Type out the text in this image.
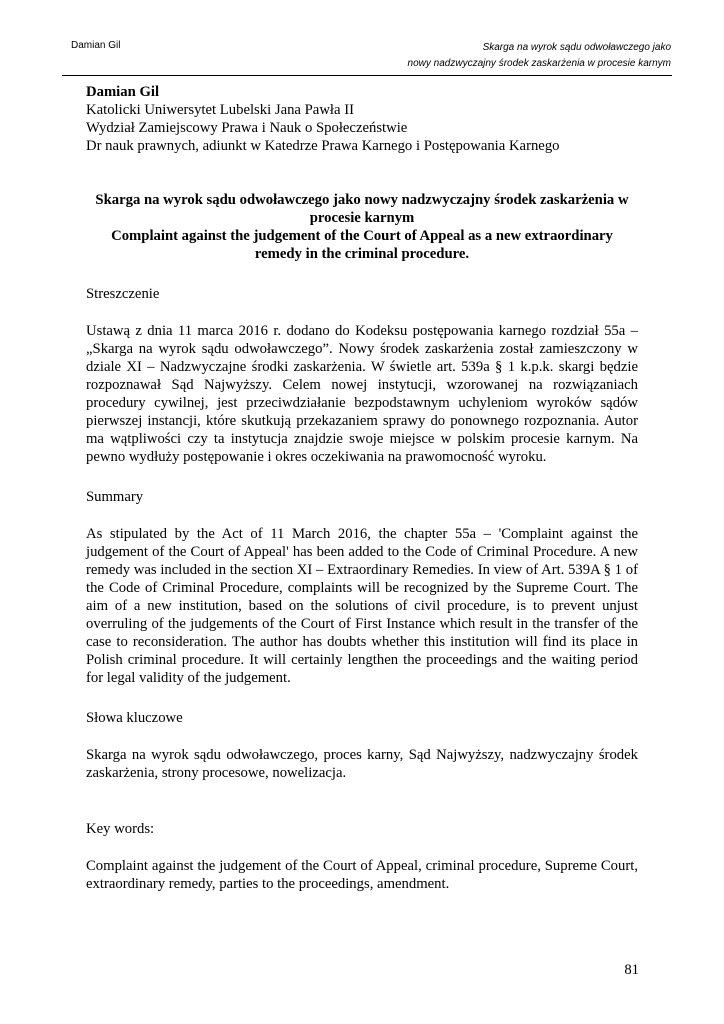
Damian Gil	Skarga na wyrok sądu odwoławczego jako
nowy nadzwyczajny środek zaskarżenia w procesie karnym

Damian Gil

Katolicki Uniwersytet Lubelski Jana Pawła II

Wydział Zamiejscowy Prawa i Nauk o Społeczeństwie

Dr nauk prawnych, adiunkt w Katedrze Prawa Karnego i Postępowania Karnego

Skarga na wyrok sądu odwoławczego jako nowy nadzwyczajny środek zaskarżenia w procesie karnym
Complaint against the judgement of the Court of Appeal as a new extraordinary remedy in the criminal procedure.

Streszczenie

Ustawą z dnia 11 marca 2016 r. dodano do Kodeksu postępowania karnego rozdział 55a – „Skarga na wyrok sądu odwoławczego”. Nowy środek zaskarżenia został zamieszczony w dziale XI – Nadzwyczajne środki zaskarżenia. W świetle art. 539a § 1 k.p.k. skargi będzie rozpoznawał Sąd Najwyższy. Celem nowej instytucji, wzorowanej na rozwiązaniach procedury cywilnej, jest przeciwdziałanie bezpodstawnym uchyleniom wyroków sądów pierwszej instancji, które skutkują przekazaniem sprawy do ponownego rozpoznania. Autor ma wątpliwości czy ta instytucja znajdzie swoje miejsce w polskim procesie karnym. Na pewno wydłuży postępowanie i okres oczekiwania na prawomocność wyroku.

Summary

As stipulated by the Act of 11 March 2016, the chapter 55a – 'Complaint against the judgement of the Court of Appeal' has been added to the Code of Criminal Procedure. A new remedy was included in the section XI – Extraordinary Remedies. In view of Art. 539A § 1 of the Code of Criminal Procedure, complaints will be recognized by the Supreme Court. The aim of a new institution, based on the solutions of civil procedure, is to prevent unjust overruling of the judgements of the Court of First Instance which result in the transfer of the case to reconsideration. The author has doubts whether this institution will find its place in Polish criminal procedure. It will certainly lengthen the proceedings and the waiting period for legal validity of the judgement.

Słowa kluczowe

Skarga na wyrok sądu odwoławczego, proces karny, Sąd Najwyższy, nadzwyczajny środek zaskarżenia, strony procesowe, nowelizacja.

Key words:

Complaint against the judgement of the Court of Appeal, criminal procedure, Supreme Court, extraordinary remedy, parties to the proceedings, amendment.

81
